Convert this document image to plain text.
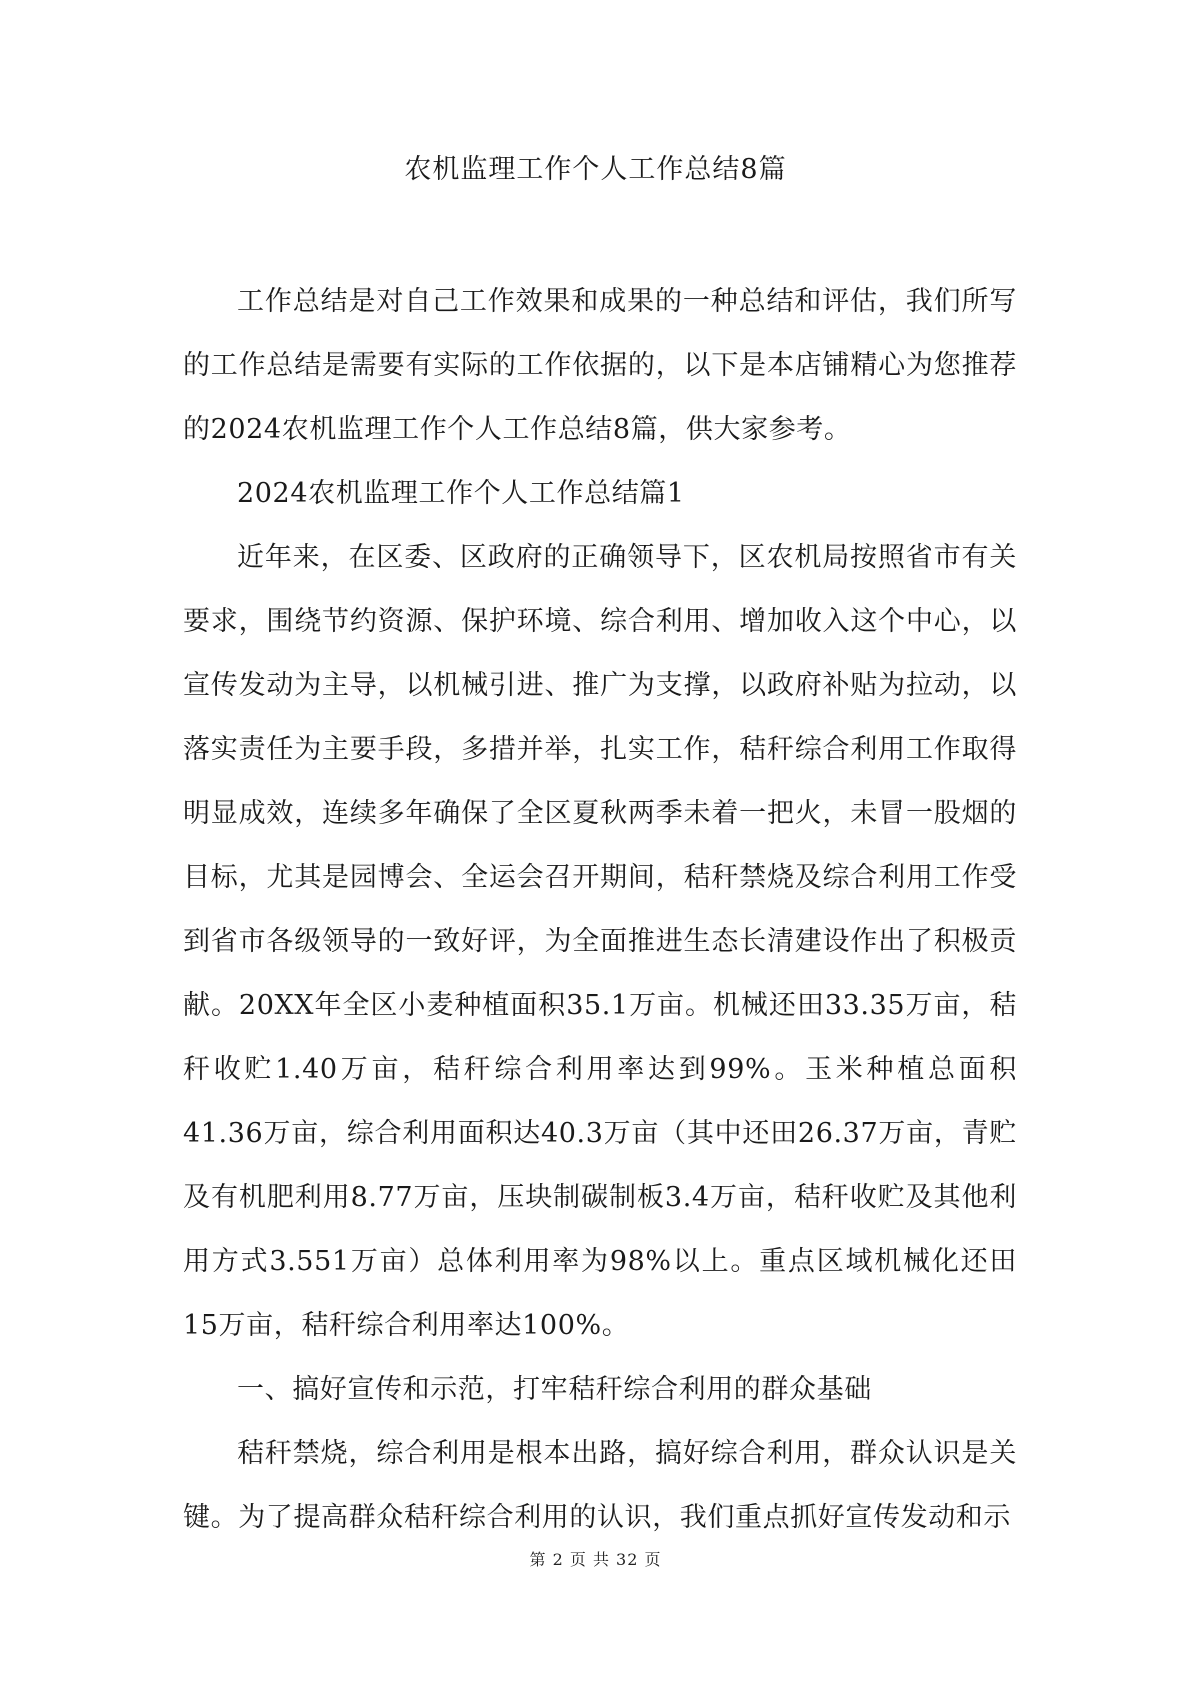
农机监理工作个人工作总结8篇

工作总结是对自己工作效果和成果的一种总结和评估，我们所写的工作总结是需要有实际的工作依据的，以下是本店铺精心为您推荐的2024农机监理工作个人工作总结8篇，供大家参考。

2024农机监理工作个人工作总结篇1

近年来，在区委、区政府的正确领导下，区农机局按照省市有关要求，围绕节约资源、保护环境、综合利用、增加收入这个中心，以宣传发动为主导，以机械引进、推广为支撑，以政府补贴为拉动，以落实责任为主要手段，多措并举，扎实工作，秸秆综合利用工作取得明显成效，连续多年确保了全区夏秋两季未着一把火，未冒一股烟的目标，尤其是园博会、全运会召开期间，秸秆禁烧及综合利用工作受到省市各级领导的一致好评，为全面推进生态长清建设作出了积极贡献。20XX年全区小麦种植面积35.1万亩。机械还田33.35万亩，秸秆收贮1.40万亩，秸秆综合利用率达到99%。玉米种植总面积41.36万亩，综合利用面积达40.3万亩（其中还田26.37万亩，青贮及有机肥利用8.77万亩，压块制碳制板3.4万亩，秸秆收贮及其他利用方式3.551万亩）总体利用率为98%以上。重点区域机械化还田15万亩，秸秆综合利用率达100%。

一、搞好宣传和示范，打牢秸秆综合利用的群众基础

秸秆禁烧，综合利用是根本出路，搞好综合利用，群众认识是关键。为了提高群众秸秆综合利用的认识，我们重点抓好宣传发动和示

第 2 页 共 32 页
